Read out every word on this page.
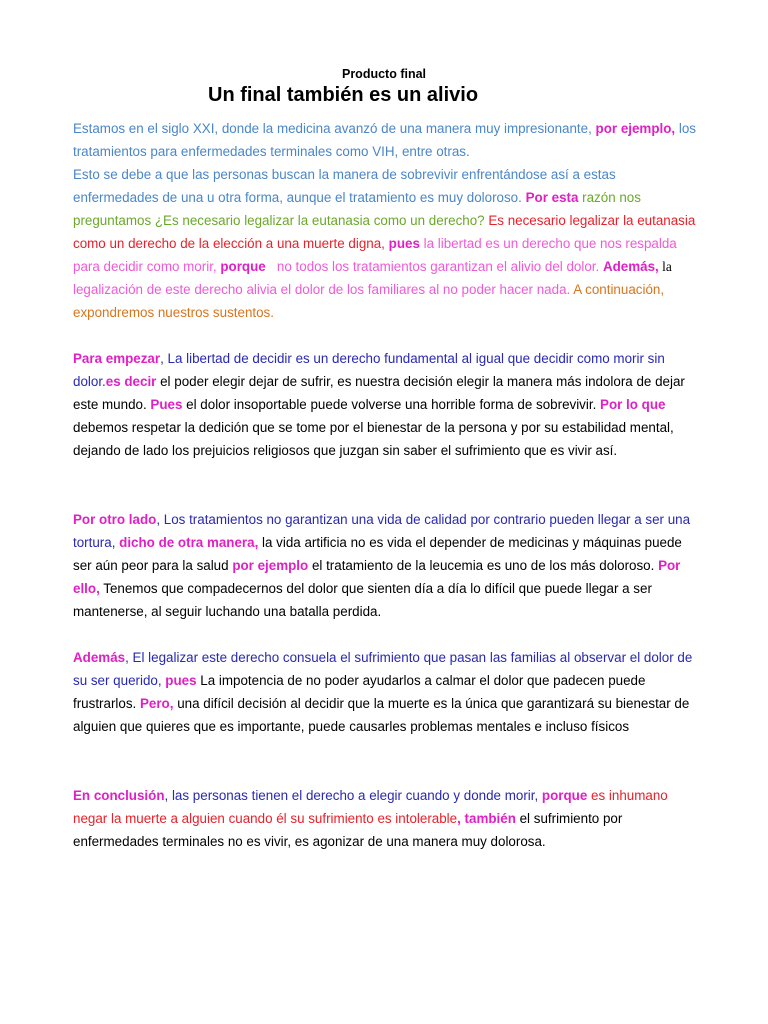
Producto final
Un final también es un alivio

Estamos en el siglo XXI, donde la medicina avanzó de una manera muy impresionante, por ejemplo, los tratamientos para enfermedades terminales como VIH, entre otras.
Esto se debe a que las personas buscan la manera de sobrevivir enfrentándose así a estas enfermedades de una u otra forma, aunque el tratamiento es muy doloroso. Por esta razón nos preguntamos ¿Es necesario legalizar la eutanasia como un derecho? Es necesario legalizar la eutanasia como un derecho de la elección a una muerte digna, pues la libertad es un derecho que nos respalda para decidir como morir, porque   no todos los tratamientos garantizan el alivio del dolor. Además, la legalización de este derecho alivia el dolor de los familiares al no poder hacer nada. A continuación, expondremos nuestros sustentos.

Para empezar, La libertad de decidir es un derecho fundamental al igual que decidir como morir sin dolor.es decir el poder elegir dejar de sufrir, es nuestra decisión elegir la manera más indolora de dejar este mundo. Pues el dolor insoportable puede volverse una horrible forma de sobrevivir. Por lo que debemos respetar la dedición que se tome por el bienestar de la persona y por su estabilidad mental, dejando de lado los prejuicios religiosos que juzgan sin saber el sufrimiento que es vivir así.

Por otro lado, Los tratamientos no garantizan una vida de calidad por contrario pueden llegar a ser una tortura, dicho de otra manera, la vida artificia no es vida el depender de medicinas y máquinas puede ser aún peor para la salud por ejemplo el tratamiento de la leucemia es uno de los más doloroso. Por ello, Tenemos que compadecernos del dolor que sienten día a día lo difícil que puede llegar a ser mantenerse, al seguir luchando una batalla perdida.

Además, El legalizar este derecho consuela el sufrimiento que pasan las familias al observar el dolor de su ser querido, pues La impotencia de no poder ayudarlos a calmar el dolor que padecen puede frustrarlos. Pero, una difícil decisión al decidir que la muerte es la única que garantizará su bienestar de alguien que quieres que es importante, puede causarles problemas mentales e incluso físicos

En conclusión, las personas tienen el derecho a elegir cuando y donde morir, porque es inhumano negar la muerte a alguien cuando él su sufrimiento es intolerable, también el sufrimiento por enfermedades terminales no es vivir, es agonizar de una manera muy dolorosa.
